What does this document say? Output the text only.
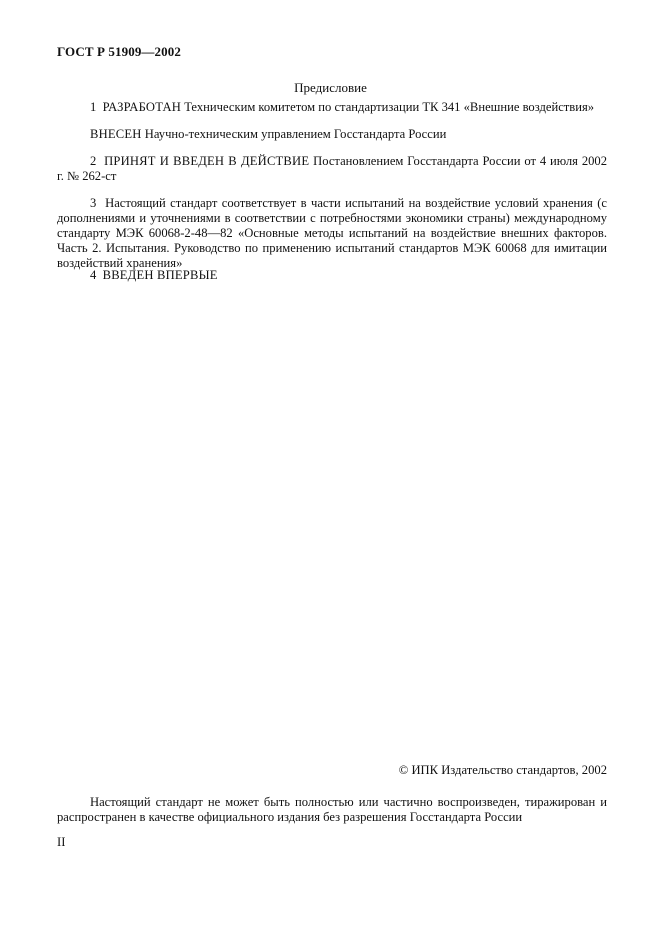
ГОСТ Р 51909—2002
Предисловие
1 РАЗРАБОТАН Техническим комитетом по стандартизации ТК 341 «Внешние воздействия»
ВНЕСЕН Научно-техническим управлением Госстандарта России
2 ПРИНЯТ И ВВЕДЕН В ДЕЙСТВИЕ Постановлением Госстандарта России от 4 июля 2002 г. № 262-ст
3 Настоящий стандарт соответствует в части испытаний на воздействие условий хранения (с дополнениями и уточнениями в соответствии с потребностями экономики страны) международному стандарту МЭК 60068-2-48—82 «Основные методы испытаний на воздействие внешних факторов. Часть 2. Испытания. Руководство по применению испытаний стандартов МЭК 60068 для имитации воздействий хранения»
4 ВВЕДЕН ВПЕРВЫЕ
© ИПК Издательство стандартов, 2002
Настоящий стандарт не может быть полностью или частично воспроизведен, тиражирован и распространен в качестве официального издания без разрешения Госстандарта России
II
